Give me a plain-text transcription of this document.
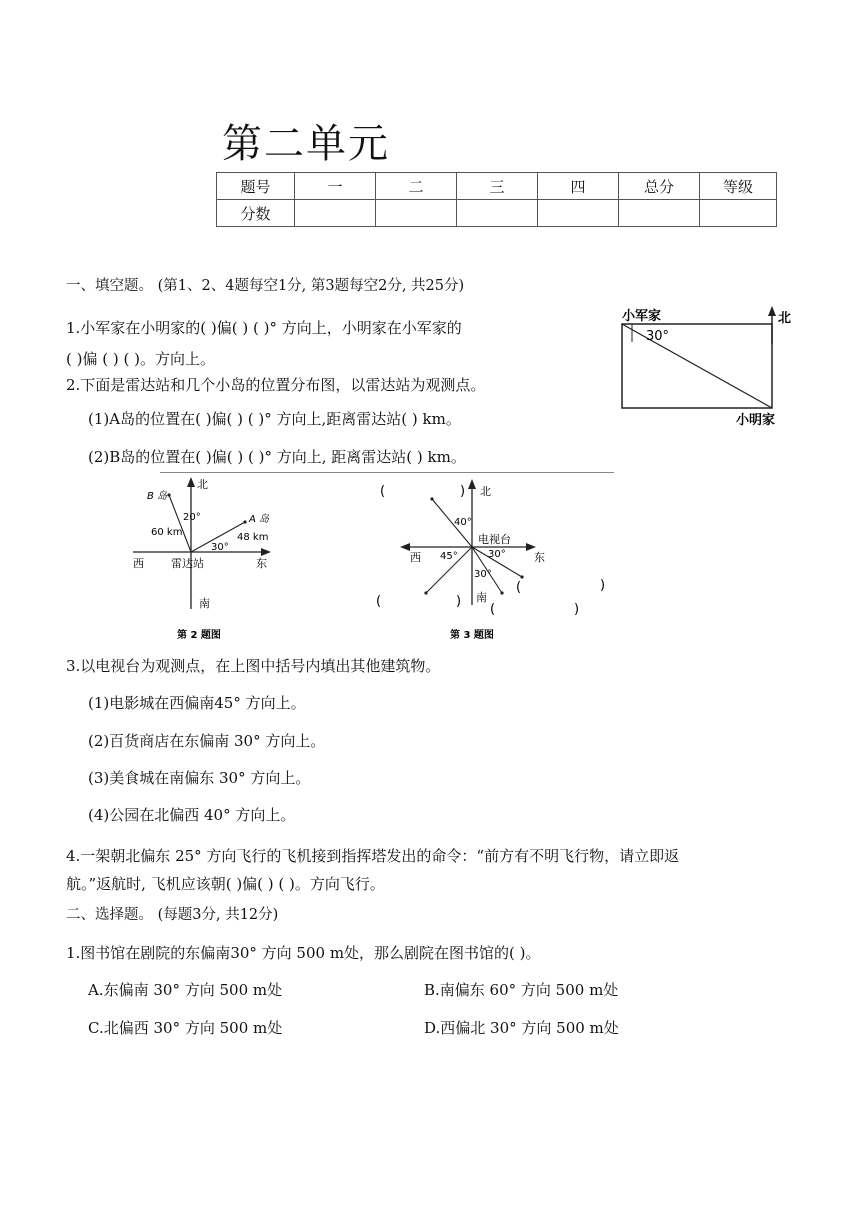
第二单元
题号	一	二	三	四	总分	等级
分数						
一、填空题。 (第1、2、4题每空1分, 第3题每空2分, 共25分)
1.小军家在小明家的( )偏( ) ( )° 方向上，小明家在小军家的
( )偏 ( ) ( )。方向上。
2.下面是雷达站和几个小岛的位置分布图，以雷达站为观测点。
(1)A岛的位置在( )偏( ) ( )° 方向上,距离雷达站( ) km。
(2)B岛的位置在( )偏( ) ( )° 方向上, 距离雷达站( ) km。
北
小军家
30°
小明家
北
南
东
西 雷达站
B 岛
A 岛
60 km	48 km
20°
30°
第 2 题图
北
南
东
西
电视台
40°
45°	30°
30°
(	)
(	)
(	)
(	)
第 3 题图
3.以电视台为观测点，在上图中括号内填出其他建筑物。
(1)电影城在西偏南45° 方向上。
(2)百货商店在东偏南 30° 方向上。
(3)美食城在南偏东 30° 方向上。
(4)公园在北偏西 40° 方向上。
4.一架朝北偏东 25° 方向飞行的飞机接到指挥塔发出的命令：“前方有不明飞行物，请立即返
航。”返航时, 飞机应该朝( )偏( ) ( )。方向飞行。
二、选择题。 (每题3分, 共12分)
1.图书馆在剧院的东偏南30° 方向 500 m处，那么剧院在图书馆的( )。
A.东偏南 30° 方向 500 m处	B.南偏东 60° 方向 500 m处
C.北偏西 30° 方向 500 m处	D.西偏北 30° 方向 500 m处
